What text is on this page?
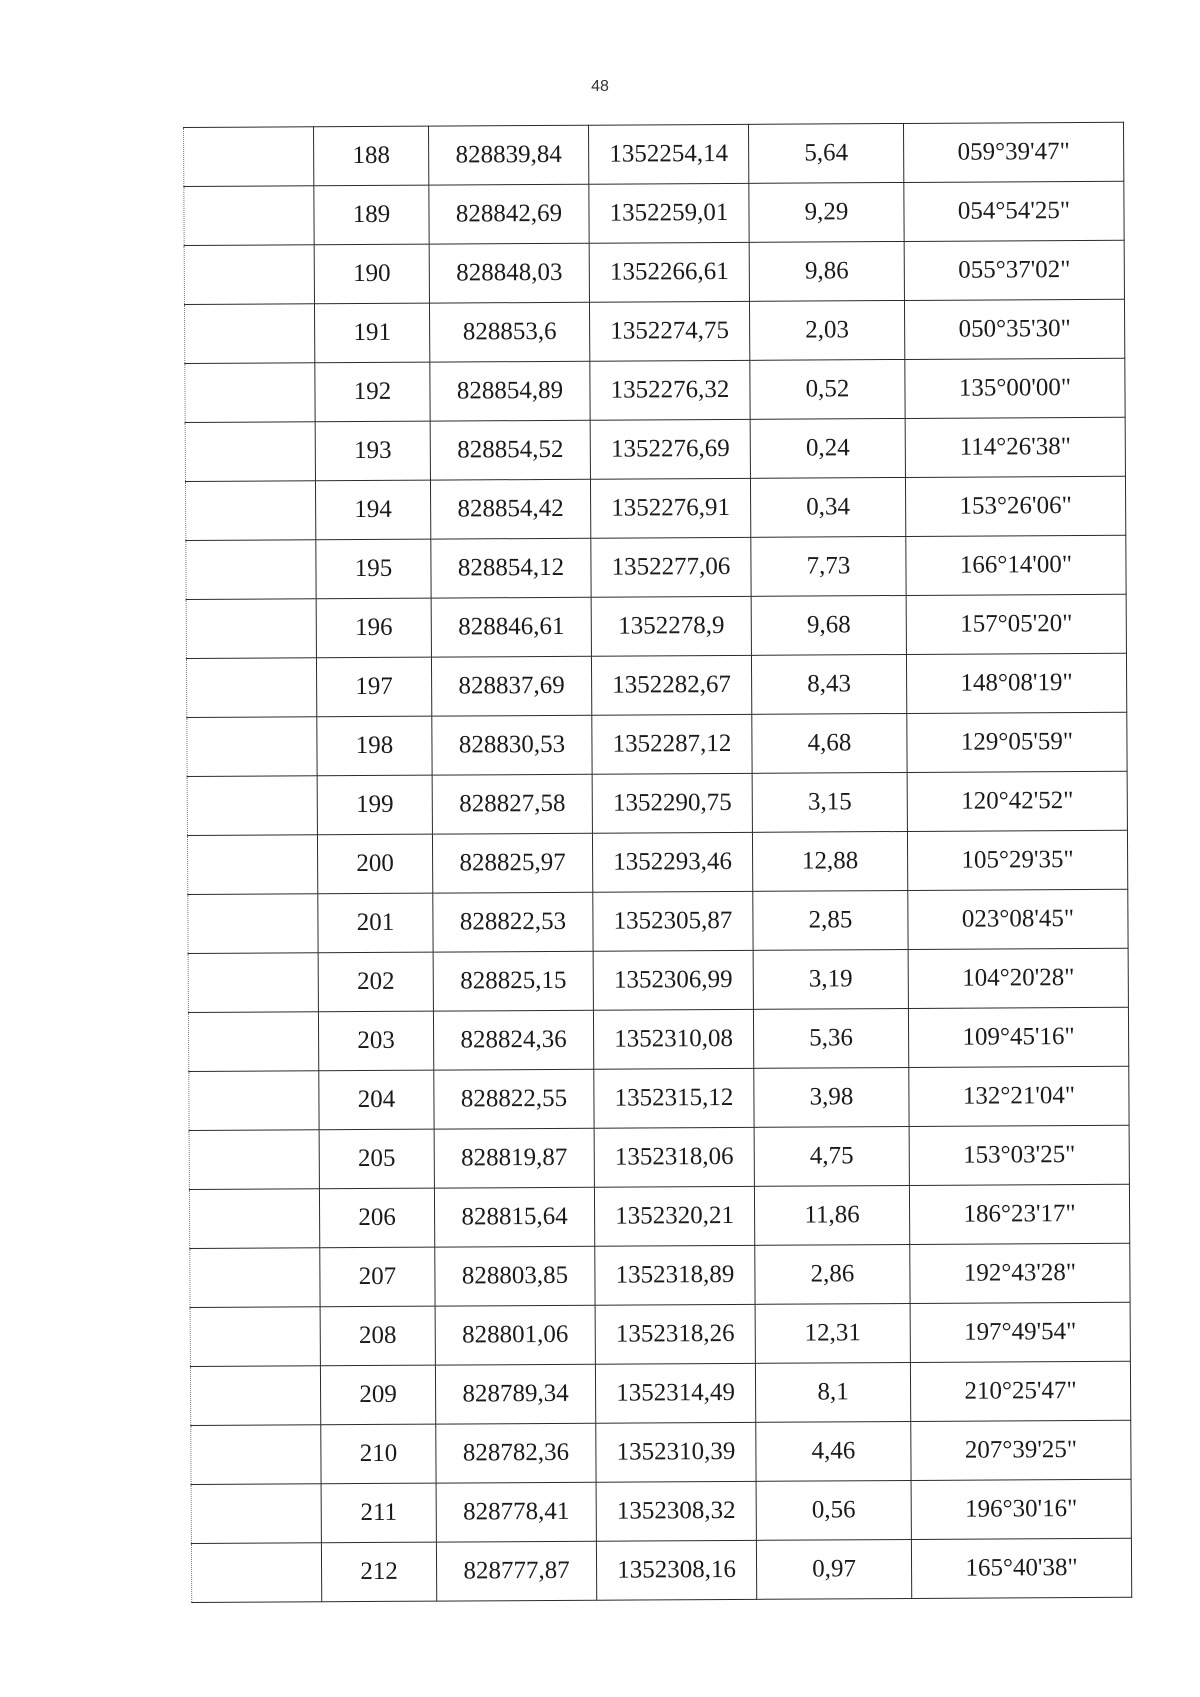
48
	188	828839,84	1352254,14	5,64	059°39'47"
	189	828842,69	1352259,01	9,29	054°54'25"
	190	828848,03	1352266,61	9,86	055°37'02"
	191	828853,6	1352274,75	2,03	050°35'30"
	192	828854,89	1352276,32	0,52	135°00'00"
	193	828854,52	1352276,69	0,24	114°26'38"
	194	828854,42	1352276,91	0,34	153°26'06"
	195	828854,12	1352277,06	7,73	166°14'00"
	196	828846,61	1352278,9	9,68	157°05'20"
	197	828837,69	1352282,67	8,43	148°08'19"
	198	828830,53	1352287,12	4,68	129°05'59"
	199	828827,58	1352290,75	3,15	120°42'52"
	200	828825,97	1352293,46	12,88	105°29'35"
	201	828822,53	1352305,87	2,85	023°08'45"
	202	828825,15	1352306,99	3,19	104°20'28"
	203	828824,36	1352310,08	5,36	109°45'16"
	204	828822,55	1352315,12	3,98	132°21'04"
	205	828819,87	1352318,06	4,75	153°03'25"
	206	828815,64	1352320,21	11,86	186°23'17"
	207	828803,85	1352318,89	2,86	192°43'28"
	208	828801,06	1352318,26	12,31	197°49'54"
	209	828789,34	1352314,49	8,1	210°25'47"
	210	828782,36	1352310,39	4,46	207°39'25"
	211	828778,41	1352308,32	0,56	196°30'16"
	212	828777,87	1352308,16	0,97	165°40'38"
